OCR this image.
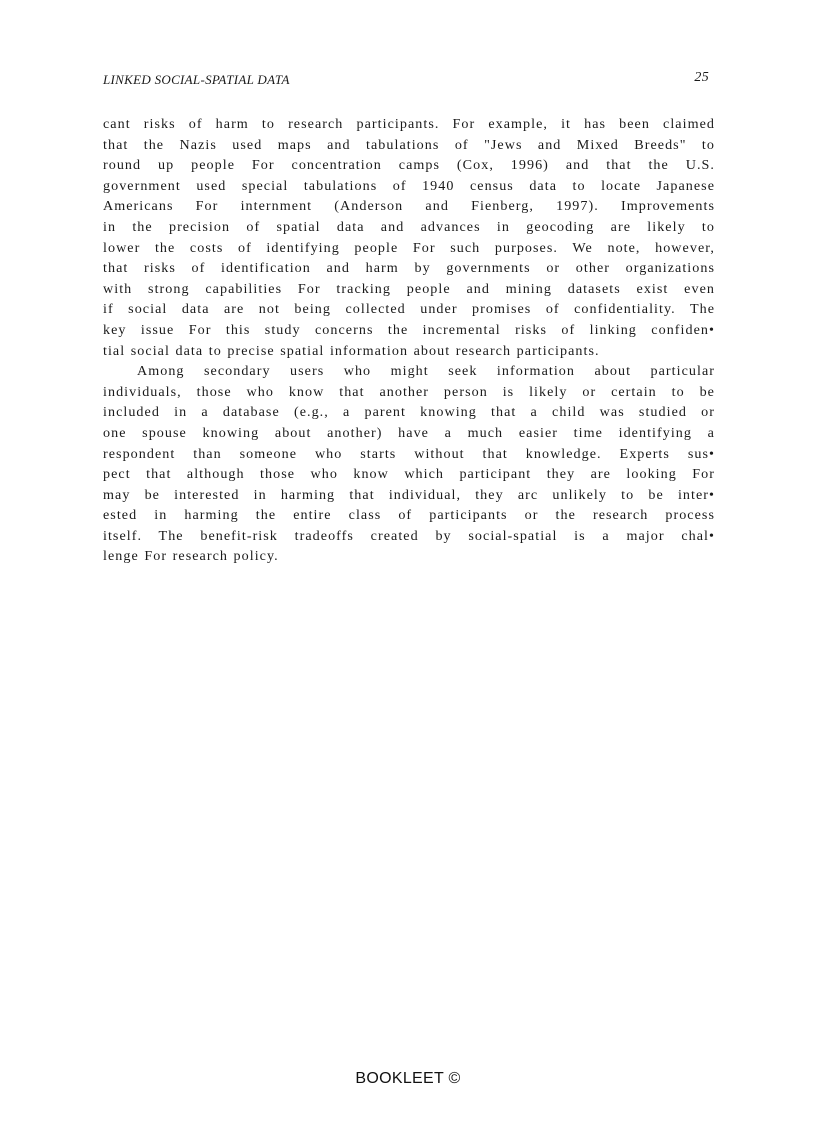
LINKED SOCIAL-SPATIAL DATA	25

cant risks of harm to research participants. For example, it has been claimed
that the Nazis used maps and tabulations of "Jews and Mixed Breeds" to
round up people For concentration camps (Cox, 1996) and that the U.S.
government used special tabulations of 1940 census data to locate Japanese
Americans For internment (Anderson and Fienberg, 1997). Improvements
in the precision of spatial data and advances in geocoding are likely to
lower the costs of identifying people For such purposes. We note, however,
that risks of identification and harm by governments or other organizations
with strong capabilities For tracking people and mining datasets exist even
if social data are not being collected under promises of confidentiality. The
key issue For this study concerns the incremental risks of linking confiden•
tial social data to precise spatial information about research participants.

Among secondary users who might seek information about particular
individuals, those who know that another person is likely or certain to be
included in a database (e.g., a parent knowing that a child was studied or
one spouse knowing about another) have a much easier time identifying a
respondent than someone who starts without that knowledge. Experts sus•
pect that although those who know which participant they are looking For
may be interested in harming that individual, they arc unlikely to be inter•
ested in harming the entire class of participants or the research process
itself. The benefit-risk tradeoffs created by social-spatial is a major chal•
lenge For research policy.

BOOKLEET ©
